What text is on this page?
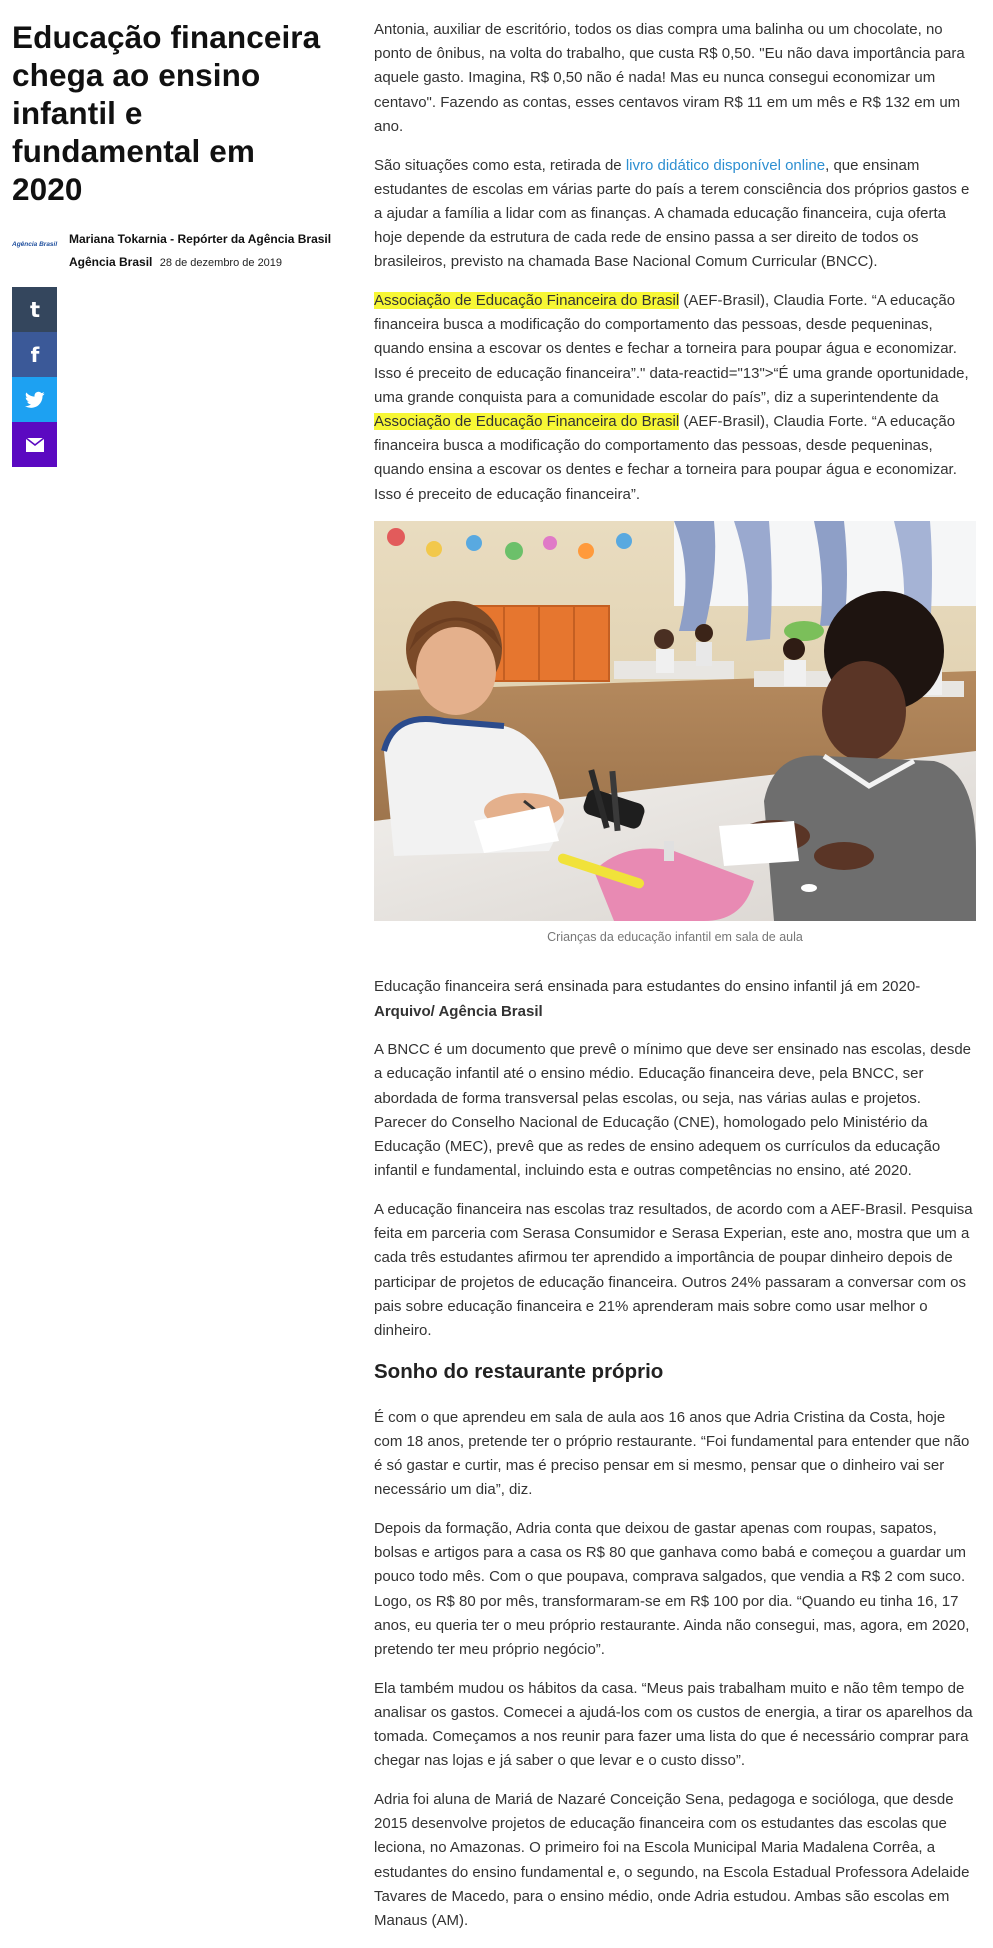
Educação financeira chega ao ensino infantil e fundamental em 2020
Agência Brasil Mariana Tokarnia - Repórter da Agência Brasil
Agência Brasil 28 de dezembro de 2019
t
f

Antonia, auxiliar de escritório, todos os dias compra uma balinha ou um chocolate, no ponto de ônibus, na volta do trabalho, que custa R$ 0,50. "Eu não dava importância para aquele gasto. Imagina, R$ 0,50 não é nada! Mas eu nunca consegui economizar um centavo". Fazendo as contas, esses centavos viram R$ 11 em um mês e R$ 132 em um ano.

São situações como esta, retirada de livro didático disponível online, que ensinam estudantes de escolas em várias parte do país a terem consciência dos próprios gastos e a ajudar a família a lidar com as finanças. A chamada educação financeira, cuja oferta hoje depende da estrutura de cada rede de ensino passa a ser direito de todos os brasileiros, previsto na chamada Base Nacional Comum Curricular (BNCC).

Associação de Educação Financeira do Brasil (AEF-Brasil), Claudia Forte. “A educação financeira busca a modificação do comportamento das pessoas, desde pequeninas, quando ensina a escovar os dentes e fechar a torneira para poupar água e economizar. Isso é preceito de educação financeira”." data-reactid="13">“É uma grande oportunidade, uma grande conquista para a comunidade escolar do país”, diz a superintendente da Associação de Educação Financeira do Brasil (AEF-Brasil), Claudia Forte. “A educação financeira busca a modificação do comportamento das pessoas, desde pequeninas, quando ensina a escovar os dentes e fechar a torneira para poupar água e economizar. Isso é preceito de educação financeira”.

Crianças da educação infantil em sala de aula

Educação financeira será ensinada para estudantes do ensino infantil já em 2020-
Arquivo/ Agência Brasil

A BNCC é um documento que prevê o mínimo que deve ser ensinado nas escolas, desde a educação infantil até o ensino médio. Educação financeira deve, pela BNCC, ser abordada de forma transversal pelas escolas, ou seja, nas várias aulas e projetos. Parecer do Conselho Nacional de Educação (CNE), homologado pelo Ministério da Educação (MEC), prevê que as redes de ensino adequem os currículos da educação infantil e fundamental, incluindo esta e outras competências no ensino, até 2020.

A educação financeira nas escolas traz resultados, de acordo com a AEF-Brasil. Pesquisa feita em parceria com Serasa Consumidor e Serasa Experian, este ano, mostra que um a cada três estudantes afirmou ter aprendido a importância de poupar dinheiro depois de participar de projetos de educação financeira. Outros 24% passaram a conversar com os pais sobre educação financeira e 21% aprenderam mais sobre como usar melhor o dinheiro.

Sonho do restaurante próprio

É com o que aprendeu em sala de aula aos 16 anos que Adria Cristina da Costa, hoje com 18 anos, pretende ter o próprio restaurante. “Foi fundamental para entender que não é só gastar e curtir, mas é preciso pensar em si mesmo, pensar que o dinheiro vai ser necessário um dia”, diz.

Depois da formação, Adria conta que deixou de gastar apenas com roupas, sapatos, bolsas e artigos para a casa os R$ 80 que ganhava como babá e começou a guardar um pouco todo mês. Com o que poupava, comprava salgados, que vendia a R$ 2 com suco. Logo, os R$ 80 por mês, transformaram-se em R$ 100 por dia. “Quando eu tinha 16, 17 anos, eu queria ter o meu próprio restaurante. Ainda não consegui, mas, agora, em 2020, pretendo ter meu próprio negócio”.

Ela também mudou os hábitos da casa. “Meus pais trabalham muito e não têm tempo de analisar os gastos. Comecei a ajudá-los com os custos de energia, a tirar os aparelhos da tomada. Começamos a nos reunir para fazer uma lista do que é necessário comprar para chegar nas lojas e já saber o que levar e o custo disso”.

Adria foi aluna de Mariá de Nazaré Conceição Sena, pedagoga e socióloga, que desde 2015 desenvolve projetos de educação financeira com os estudantes das escolas que leciona, no Amazonas. O primeiro foi na Escola Municipal Maria Madalena Corrêa, a estudantes do ensino fundamental e, o segundo, na Escola Estadual Professora Adelaide Tavares de Macedo, para o ensino médio, onde Adria estudou. Ambas são escolas em Manaus (AM).
